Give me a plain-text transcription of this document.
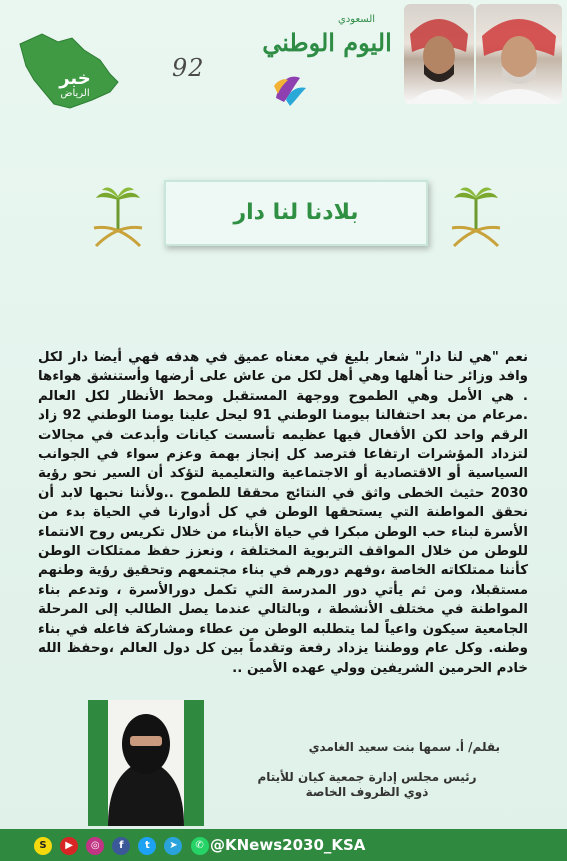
خبر
الرياض
92
السعودي
اليوم الوطني
بلادنا لنا دار
نعم "هي لنا دار" شعار بليغ في معناه عميق في هدفه فهي أيضا دار لكل وافد وزائر حنا أهلها وهي أهل لكل من عاش على أرضها وأستنشق هواءها . هي الأمل وهي الطموح ووجهة المستقبل ومحط الأنظار لكل العالم .مرعام من بعد احتفالنا بيومنا الوطني 91 ليحل علينا يومنا الوطني 92 زاد الرقم واحد لكن الأفعال فيها عظيمه تأسست كيانات وأبدعت في مجالات لتزداد المؤشرات ارتفاعا فترصد كل إنجاز بهمة وعزم سواء في الجوانب السياسية أو الاقتصادية أو الاجتماعية والتعليمية لتؤكد أن السير نحو رؤية 2030 حثيث الخطى واثق في النتائج محققا للطموح ..ولأننا نحبها لابد أن نحقق المواطنة التي يستحقها الوطن في كل أدوارنا في الحياة بدء من الأسرة لبناء حب الوطن مبكرا في حياة الأبناء من خلال تكريس روح الانتماء للوطن من خلال المواقف التربوية المختلفة ، ونعزز حفظ ممتلكات الوطن كأننا ممتلكاته الخاصة ،وفهم دورهم في بناء مجتمعهم وتحقيق رؤية وطنهم مستقبلا، ومن ثم يأتي دور المدرسة التي تكمل دورالأسرة ، وتدعم بناء المواطنة في مختلف الأنشطة ، وبالتالي عندما يصل الطالب إلى المرحلة الجامعية سيكون واعياً لما يتطلبه الوطن من عطاء ومشاركة فاعله في بناء وطنه. وكل عام ووطننا يزداد رفعة وتقدماً بين كل دول العالم ،وحفظ الله خادم الحرمين الشريفين وولي عهده الأمين ..
بقلم/ أ. سمها بنت سعيد الغامدي
رئيس مجلس إدارة جمعية كيان للأيتام
ذوي الظروف الخاصة
S ▶ ◎ f t ➤ ✆ @KNews2030_KSA
